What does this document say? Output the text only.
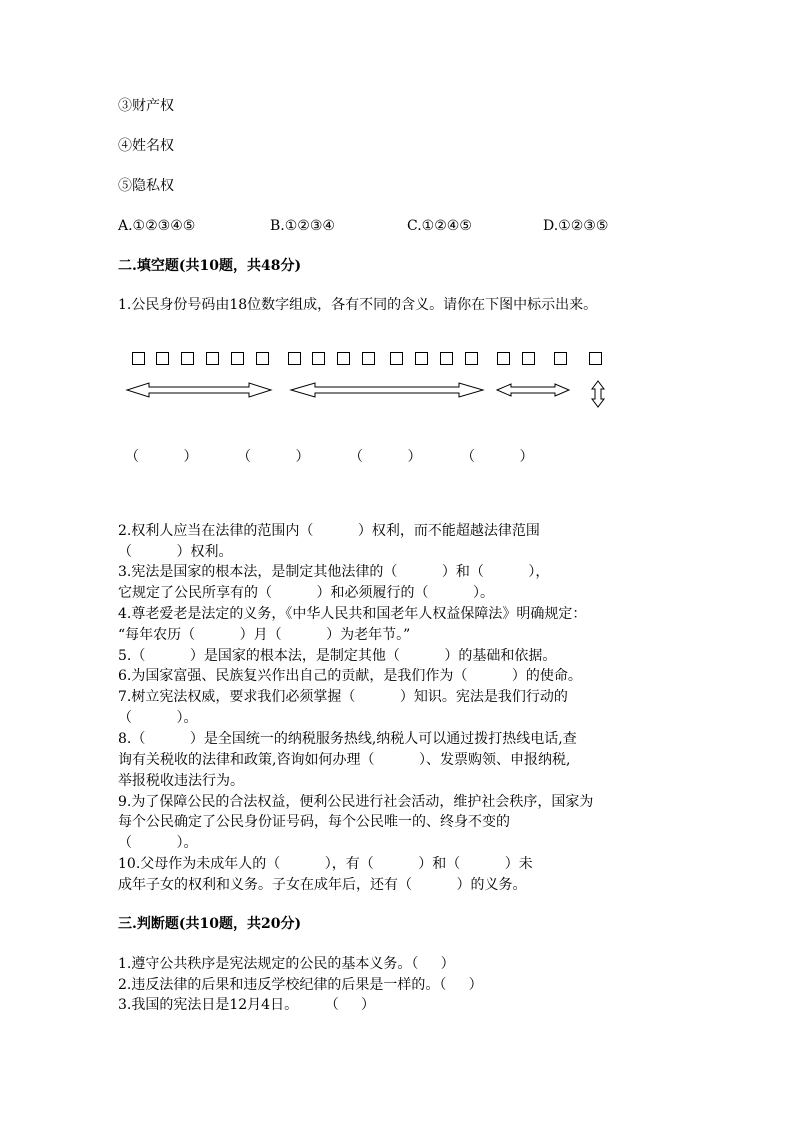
③财产权
④姓名权
⑤隐私权
A.①②③④⑤	B.①②③④	C.①②④⑤	D.①②③⑤
二.填空题(共10题，共48分)
1.公民身份号码由18位数字组成，各有不同的含义。请你在下图中标示出来。
（          ）	（          ）	（          ）	（          ）
2.权利人应当在法律的范围内（          ）权利，而不能超越法律范围
（          ）权利。
3.宪法是国家的根本法，是制定其他法律的（          ）和（          ），
它规定了公民所享有的（          ）和必须履行的（          ）。
4.尊老爱老是法定的义务，《中华人民共和国老年人权益保障法》明确规定：
“每年农历（          ）月（          ）为老年节。”
5.（          ）是国家的根本法，是制定其他（          ）的基础和依据。
6.为国家富强、民族复兴作出自己的贡献，是我们作为（          ）的使命。
7.树立宪法权威，要求我们必须掌握（          ）知识。宪法是我们行动的
（          ）。
8.（          ）是全国统一的纳税服务热线,纳税人可以通过拨打热线电话,查
询有关税收的法律和政策,咨询如何办理（          ）、发票购领、申报纳税,
举报税收违法行为。
9.为了保障公民的合法权益，便利公民进行社会活动，维护社会秩序，国家为
每个公民确定了公民身份证号码，每个公民唯一的、终身不变的
（          ）。
10.父母作为未成年人的（          ），有（          ）和（          ）未
成年子女的权利和义务。子女在成年后，还有（          ）的义务。
三.判断题(共10题，共20分)
1.遵守公共秩序是宪法规定的公民的基本义务。（     ）
2.违反法律的后果和违反学校纪律的后果是一样的。（     ）
3.我国的宪法日是12月4日。      （     ）
